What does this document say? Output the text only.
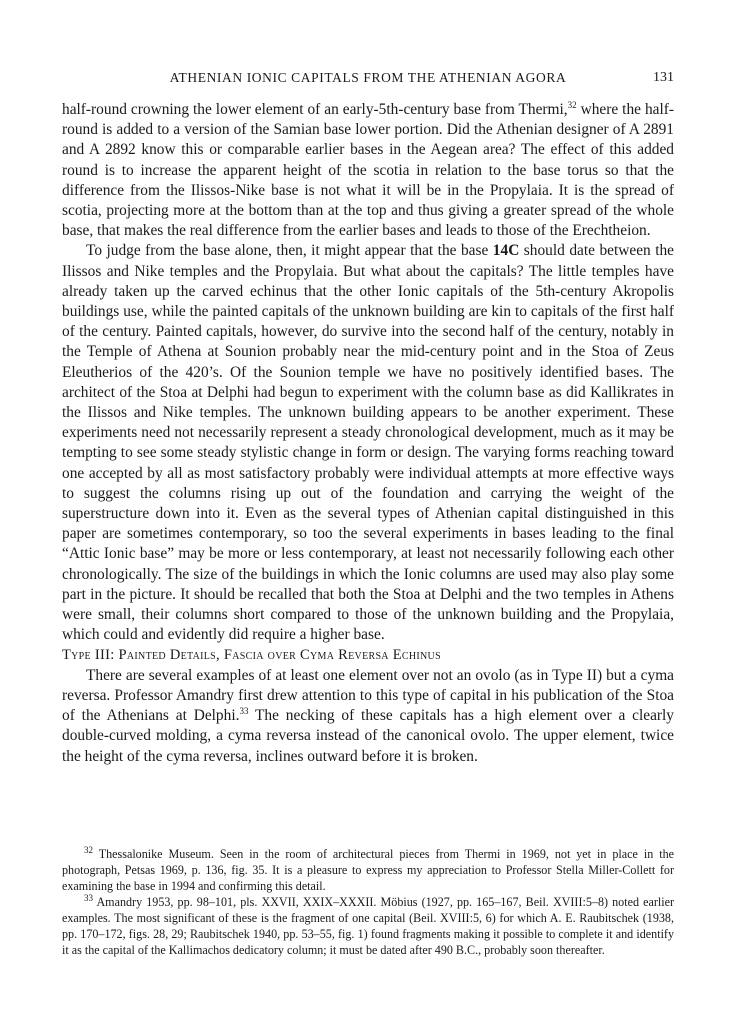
ATHENIAN IONIC CAPITALS FROM THE ATHENIAN AGORA	131

half-round crowning the lower element of an early-5th-century base from Thermi,$^{32}$ where the half-round is added to a version of the Samian base lower portion. Did the Athenian designer of A 2891 and A 2892 know this or comparable earlier bases in the Aegean area? The effect of this added round is to increase the apparent height of the scotia in relation to the base torus so that the difference from the Ilissos-Nike base is not what it will be in the Propylaia. It is the spread of scotia, projecting more at the bottom than at the top and thus giving a greater spread of the whole base, that makes the real difference from the earlier bases and leads to those of the Erechtheion.

To judge from the base alone, then, it might appear that the base 14C should date between the Ilissos and Nike temples and the Propylaia. But what about the capitals? The little temples have already taken up the carved echinus that the other Ionic capitals of the 5th-century Akropolis buildings use, while the painted capitals of the unknown building are kin to capitals of the first half of the century. Painted capitals, however, do survive into the second half of the century, notably in the Temple of Athena at Sounion probably near the mid-century point and in the Stoa of Zeus Eleutherios of the 420’s. Of the Sounion temple we have no positively identified bases. The architect of the Stoa at Delphi had begun to experiment with the column base as did Kallikrates in the Ilissos and Nike temples. The unknown building appears to be another experiment. These experiments need not necessarily represent a steady chronological development, much as it may be tempting to see some steady stylistic change in form or design. The varying forms reaching toward one accepted by all as most satisfactory probably were individual attempts at more effective ways to suggest the columns rising up out of the foundation and carrying the weight of the superstructure down into it. Even as the several types of Athenian capital distinguished in this paper are sometimes contemporary, so too the several experiments in bases leading to the final “Attic Ionic base” may be more or less contemporary, at least not necessarily following each other chronologically. The size of the buildings in which the Ionic columns are used may also play some part in the picture. It should be recalled that both the Stoa at Delphi and the two temples in Athens were small, their columns short compared to those of the unknown building and the Propylaia, which could and evidently did require a higher base.

Type III: Painted Details, Fascia over Cyma Reversa Echinus

There are several examples of at least one element over not an ovolo (as in Type II) but a cyma reversa. Professor Amandry first drew attention to this type of capital in his publication of the Stoa of the Athenians at Delphi.$^{33}$ The necking of these capitals has a high element over a clearly double-curved molding, a cyma reversa instead of the canonical ovolo. The upper element, twice the height of the cyma reversa, inclines outward before it is broken.

$^{32}$ Thessalonike Museum. Seen in the room of architectural pieces from Thermi in 1969, not yet in place in the photograph, Petsas 1969, p. 136, fig. 35. It is a pleasure to express my appreciation to Professor Stella Miller-Collett for examining the base in 1994 and confirming this detail.

$^{33}$ Amandry 1953, pp. 98–101, pls. XXVII, XXIX–XXXII. Möbius (1927, pp. 165–167, Beil. XVIII:5–8) noted earlier examples. The most significant of these is the fragment of one capital (Beil. XVIII:5, 6) for which A. E. Raubitschek (1938, pp. 170–172, figs. 28, 29; Raubitschek 1940, pp. 53–55, fig. 1) found fragments making it possible to complete it and identify it as the capital of the Kallimachos dedicatory column; it must be dated after 490 B.C., probably soon thereafter.
